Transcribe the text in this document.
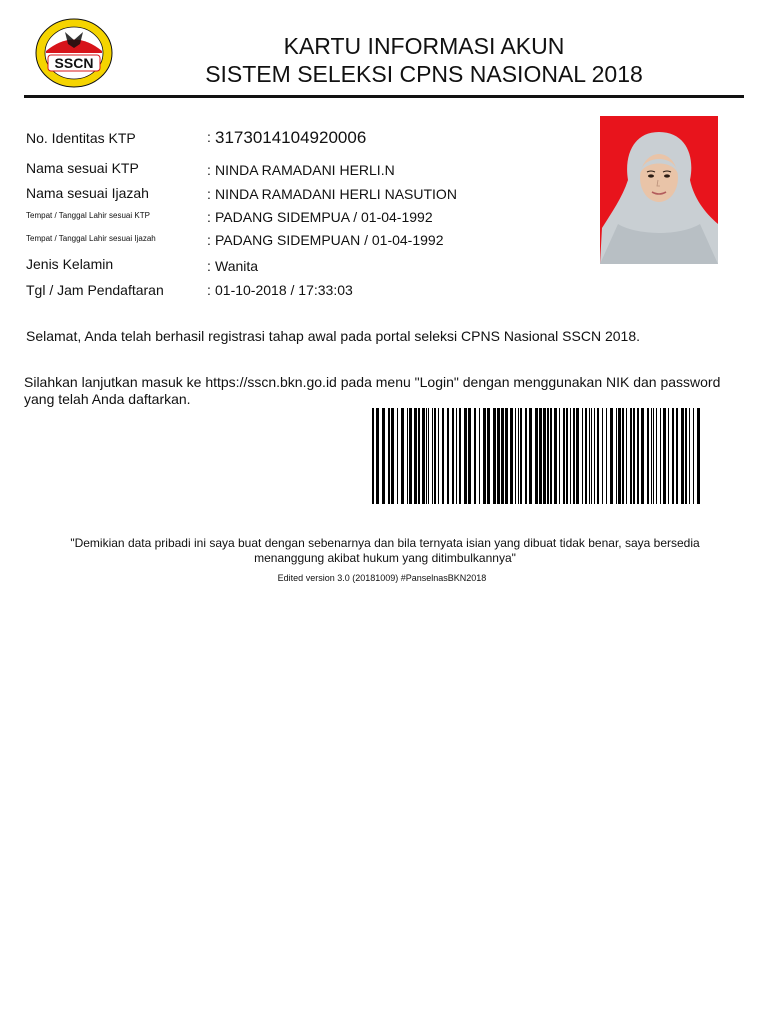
SSCN
KARTU INFORMASI AKUN
SISTEM SELEKSI CPNS NASIONAL 2018
No. Identitas KTP	: 3173014104920006
Nama sesuai KTP	: NINDA RAMADANI HERLI.N
Nama sesuai Ijazah	: NINDA RAMADANI HERLI NASUTION
Tempat / Tanggal Lahir sesuai KTP	: PADANG SIDEMPUA / 01-04-1992
Tempat / Tanggal Lahir sesuai Ijazah	: PADANG SIDEMPUAN / 01-04-1992
Jenis Kelamin	: Wanita
Tgl / Jam Pendaftaran	: 01-10-2018 / 17:33:03
Selamat, Anda telah berhasil registrasi tahap awal pada portal seleksi CPNS Nasional SSCN 2018.
Silahkan lanjutkan masuk ke https://sscn.bkn.go.id pada menu "Login" dengan menggunakan NIK dan password yang telah Anda daftarkan.
"Demikian data pribadi ini saya buat dengan sebenarnya dan bila ternyata isian yang dibuat tidak benar, saya bersedia menanggung akibat hukum yang ditimbulkannya"
Edited version 3.0 (20181009) #PanselnasBKN2018
